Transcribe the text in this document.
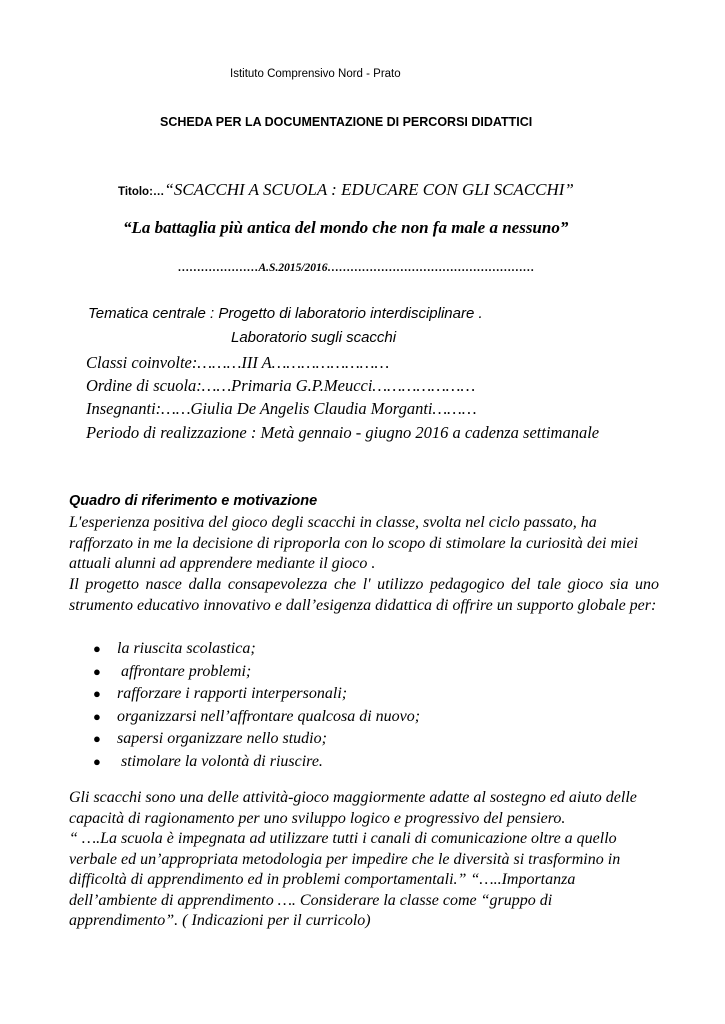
Istituto Comprensivo Nord - Prato
SCHEDA PER LA DOCUMENTAZIONE DI PERCORSI DIDATTICI
Titolo:…“SCACCHI A SCUOLA : EDUCARE CON GLI SCACCHI”
“La battaglia più antica del mondo che non fa male a nessuno”
…………………A.S.2015/2016………………………………………………
Tematica centrale : Progetto di laboratorio interdisciplinare .
Laboratorio sugli scacchi
Classi coinvolte:………III A……………………
Ordine di scuola:……Primaria G.P.Meucci…………………
Insegnanti:……Giulia De Angelis Claudia Morganti………
Periodo di realizzazione : Metà gennaio - giugno 2016 a cadenza settimanale
Quadro di riferimento e motivazione
L'esperienza positiva del gioco degli scacchi in classe, svolta nel ciclo passato, ha rafforzato in me la decisione di riproporla con lo scopo di stimolare la curiosità dei miei attuali alunni ad apprendere mediante il gioco .
Il progetto nasce dalla consapevolezza che l' utilizzo pedagogico del tale gioco sia uno strumento educativo innovativo e dall’esigenza didattica di offrire un supporto globale per:
● la riuscita scolastica;
● affrontare problemi;
● rafforzare i rapporti interpersonali;
● organizzarsi nell’affrontare qualcosa di nuovo;
● sapersi organizzare nello studio;
● stimolare la volontà di riuscire.
Gli scacchi sono una delle attività-gioco maggiormente adatte al sostegno ed aiuto delle capacità di ragionamento per uno sviluppo logico e progressivo del pensiero.
“ ….La scuola è impegnata ad utilizzare tutti i canali di comunicazione oltre a quello verbale ed un’appropriata metodologia per impedire che le diversità si trasformino in difficoltà di apprendimento ed in problemi comportamentali.” “…..Importanza dell’ambiente di apprendimento …. Considerare la classe come “gruppo di apprendimento”. ( Indicazioni per il curricolo)
